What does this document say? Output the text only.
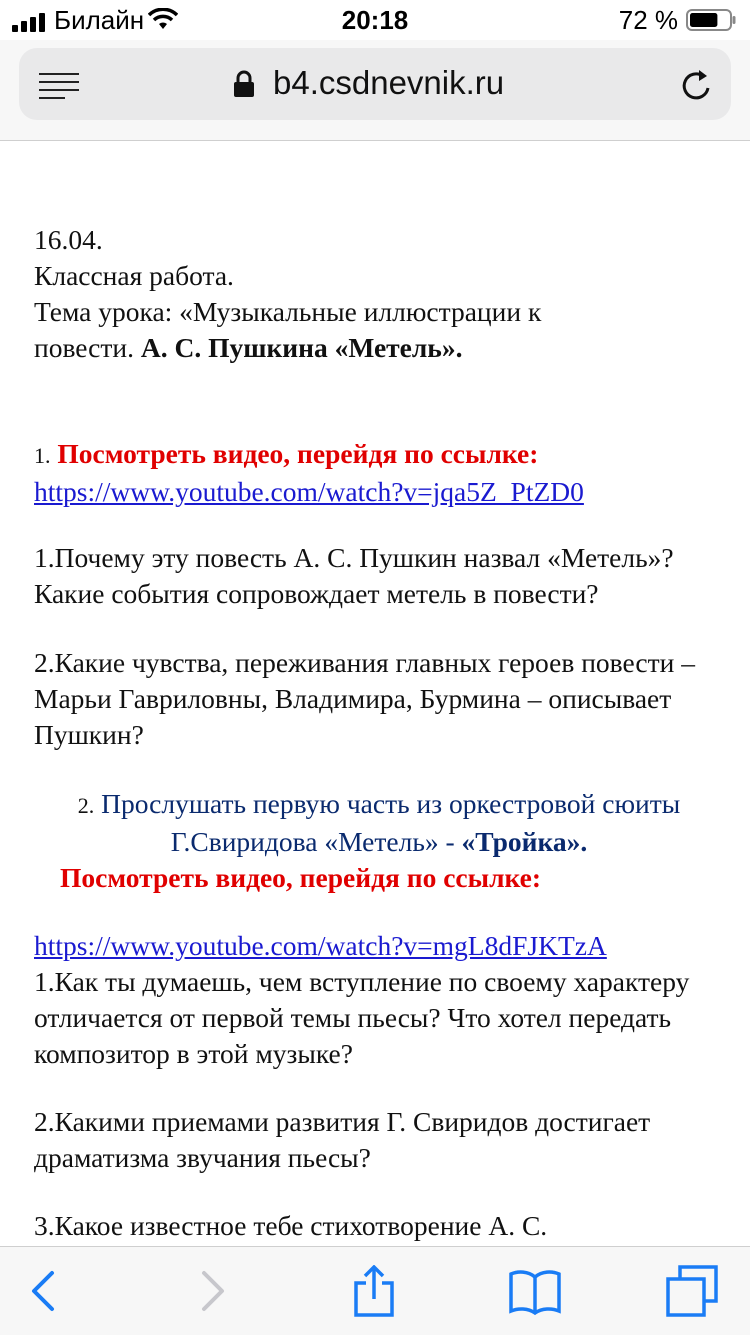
Билайн	20:18	72 %
b4.csdnevnik.ru

16.04.

Классная работа.

Тема урока: «Музыкальные иллюстрации к
повести. А. С. Пушкина «Метель».

1. Посмотреть видео, перейдя по ссылке:

https://www.youtube.com/watch?v=jqa5Z_PtZD0

1.Почему эту повесть А. С. Пушкин назвал «Метель»? Какие события сопровождает метель в повести?

2.Какие чувства, переживания главных героев повести – Марьи Гавриловны, Владимира, Бурмина – описывает Пушкин?

2. Прослушать первую часть из оркестровой сюиты
Г.Свиридова «Метель» - «Тройка».
Посмотреть видео, перейдя по ссылке:

https://www.youtube.com/watch?v=mgL8dFJKTzA

1.Как ты думаешь, чем вступление по своему характеру отличается от первой темы пьесы? Что хотел передать композитор в этой музыке?

2.Какими приемами развития Г. Свиридов достигает драматизма звучания пьесы?

3.Какое известное тебе стихотворение А. С.
